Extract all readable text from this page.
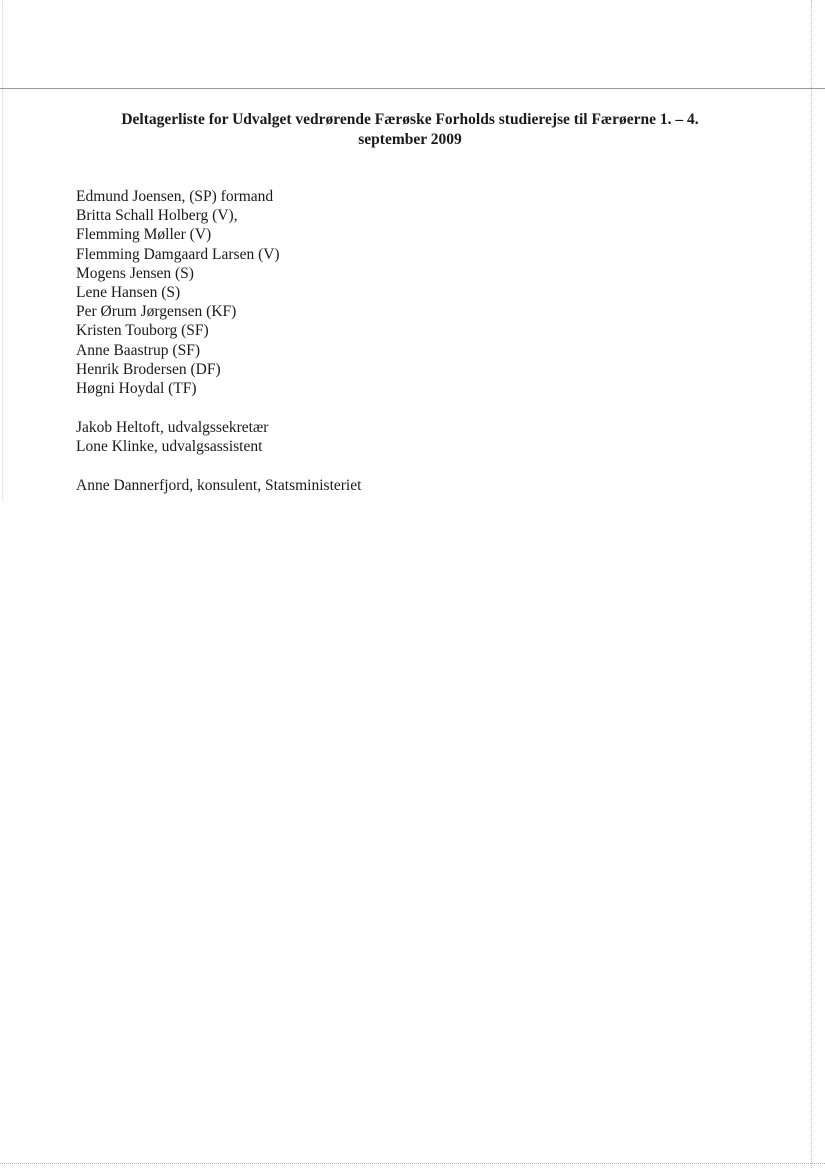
Deltagerliste for Udvalget vedrørende Færøske Forholds studierejse til Færøerne 1. – 4.
september 2009
Edmund Joensen, (SP) formand
Britta Schall Holberg (V),
Flemming Møller (V)
Flemming Damgaard Larsen (V)
Mogens Jensen (S)
Lene Hansen (S)
Per Ørum Jørgensen (KF)
Kristen Touborg (SF)
Anne Baastrup (SF)
Henrik Brodersen (DF)
Høgni Hoydal (TF)
Jakob Heltoft, udvalgssekretær
Lone Klinke, udvalgsassistent
Anne Dannerfjord, konsulent, Statsministeriet
